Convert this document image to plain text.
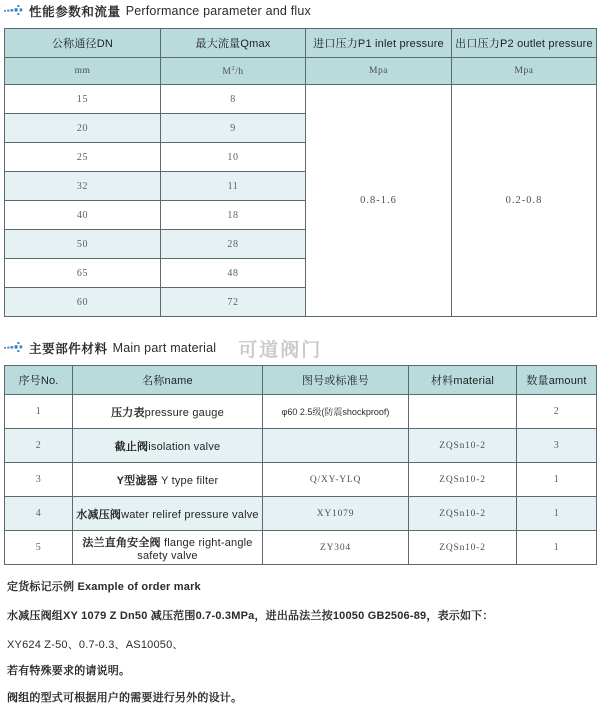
性能参数和流量 Performance parameter and flux
公称通径DN	最大流量Qmax	进口压力P1 inlet pressure	出口压力P2 outlet pressure
mm	$M^2/h$	Mpa	Mpa
15	8	0.8-1.6	0.2-0.8
20	9		
25	10		
32	11		
40	18		
50	28		
65	48		
60	72		
主要部件材料 Main part material 可道阀门
序号No.	名称name	图号或标准号	材料material	数量amount
1	压力表pressure gauge	φ60 2.5级(防震shockproof)		2
2	截止阀isolation valve		ZQSn10-2	3
3	Y型滤器 Y type filter	Q/XY-YLQ	ZQSn10-2	1
4	水减压阀water reliref pressure valve	XY1079	ZQSn10-2	1
5	法兰直角安全阀 flange right-angle safety valve	ZY304	ZQSn10-2	1
定货标记示例 Example of order mark
水减压阀组XY 1079 Z Dn50 减压范围0.7-0.3MPa，进出品法兰按10050 GB2506-89，表示如下：
XY624 Z-50、0.7-0.3、AS10050、
若有特殊要求的请说明。
阀组的型式可根据用户的需要进行另外的设计。
